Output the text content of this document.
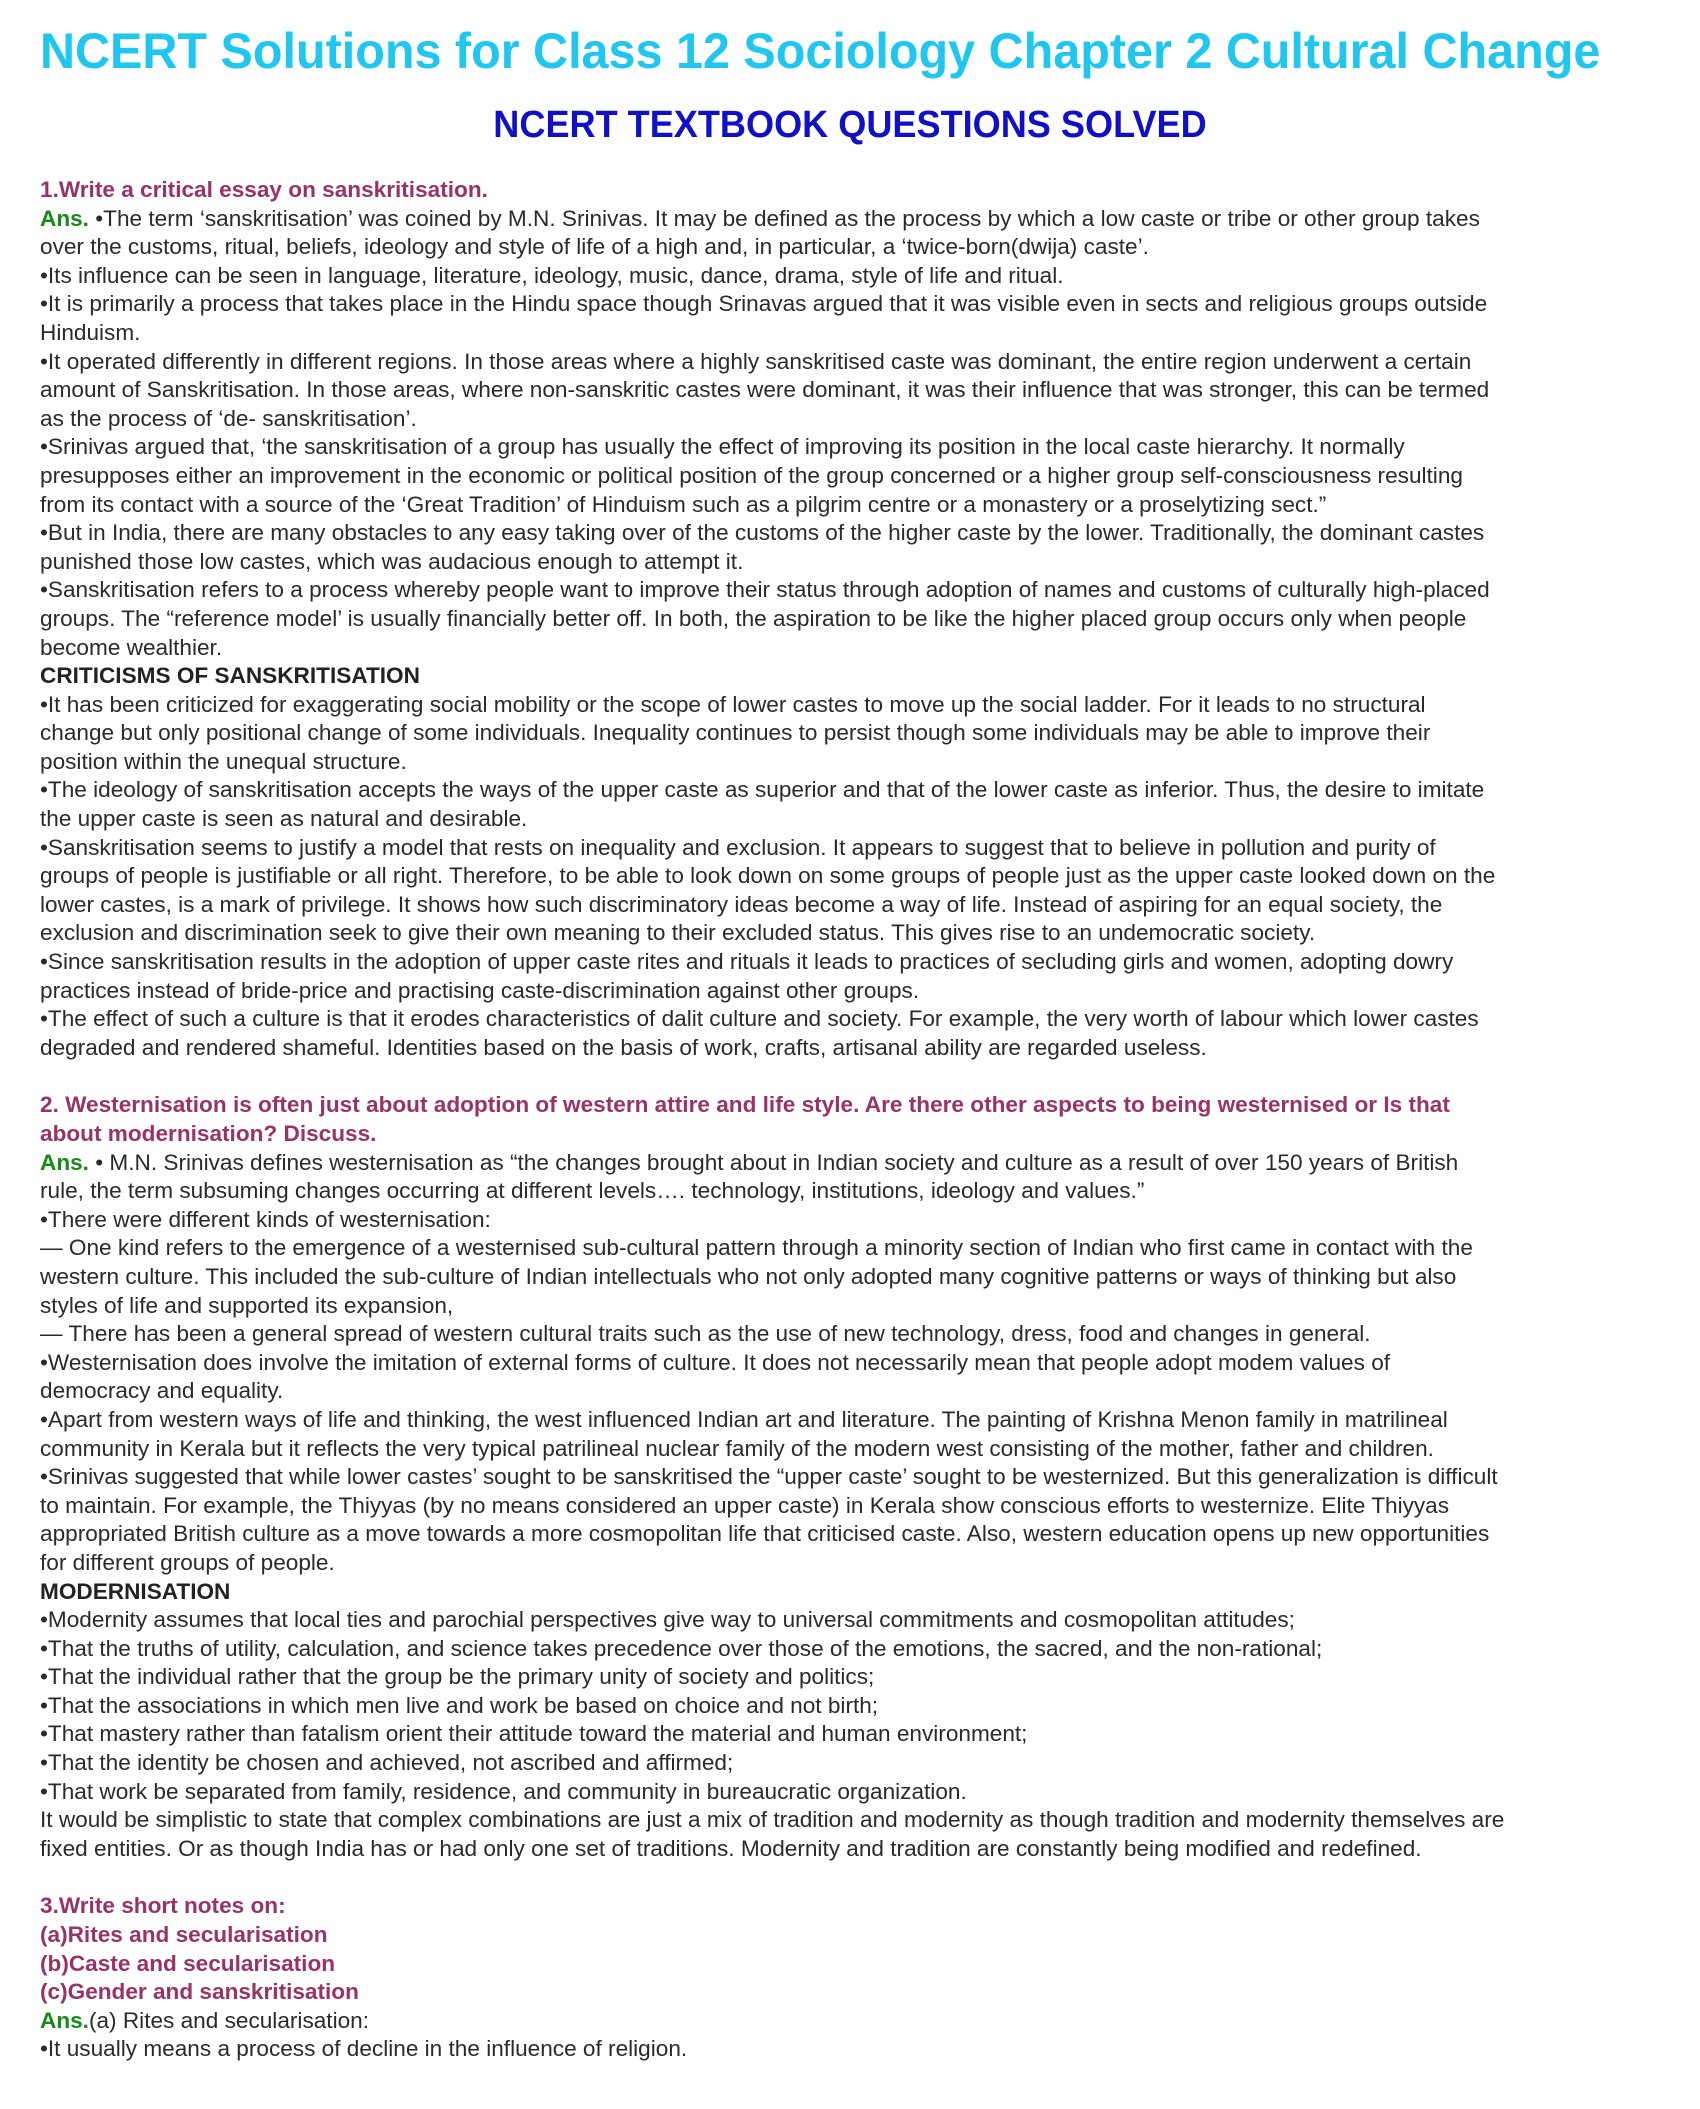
NCERT Solutions for Class 12 Sociology Chapter 2 Cultural Change
NCERT TEXTBOOK QUESTIONS SOLVED
1.Write a critical essay on sanskritisation.
Ans. •The term ‘sanskritisation’ was coined by M.N. Srinivas. It may be defined as the process by which a low caste or tribe or other group takes
over the customs, ritual, beliefs, ideology and style of life of a high and, in particular, a ‘twice-born(dwija) caste’.
•Its influence can be seen in language, literature, ideology, music, dance, drama, style of life and ritual.
•It is primarily a process that takes place in the Hindu space though Srinavas argued that it was visible even in sects and religious groups outside
Hinduism.
•It operated differently in different regions. In those areas where a highly sanskritised caste was dominant, the entire region underwent a certain
amount of Sanskritisation. In those areas, where non-sanskritic castes were dominant, it was their influence that was stronger, this can be termed
as the process of ‘de- sanskritisation’.
•Srinivas argued that, ‘the sanskritisation of a group has usually the effect of improving its position in the local caste hierarchy. It normally
presupposes either an improvement in the economic or political position of the group concerned or a higher group self-consciousness resulting
from its contact with a source of the ‘Great Tradition’ of Hinduism such as a pilgrim centre or a monastery or a proselytizing sect.”
•But in India, there are many obstacles to any easy taking over of the customs of the higher caste by the lower. Traditionally, the dominant castes
punished those low castes, which was audacious enough to attempt it.
•Sanskritisation refers to a process whereby people want to improve their status through adoption of names and customs of culturally high-placed
groups. The “reference model’ is usually financially better off. In both, the aspiration to be like the higher placed group occurs only when people
become wealthier.
CRITICISMS OF SANSKRITISATION
•It has been criticized for exaggerating social mobility or the scope of lower castes to move up the social ladder. For it leads to no structural
change but only positional change of some individuals. Inequality continues to persist though some individuals may be able to improve their
position within the unequal structure.
•The ideology of sanskritisation accepts the ways of the upper caste as superior and that of the lower caste as inferior. Thus, the desire to imitate
the upper caste is seen as natural and desirable.
•Sanskritisation seems to justify a model that rests on inequality and exclusion. It appears to suggest that to believe in pollution and purity of
groups of people is justifiable or all right. Therefore, to be able to look down on some groups of people just as the upper caste looked down on the
lower castes, is a mark of privilege. It shows how such discriminatory ideas become a way of life. Instead of aspiring for an equal society, the
exclusion and discrimination seek to give their own meaning to their excluded status. This gives rise to an undemocratic society.
•Since sanskritisation results in the adoption of upper caste rites and rituals it leads to practices of secluding girls and women, adopting dowry
practices instead of bride-price and practising caste-discrimination against other groups.
•The effect of such a culture is that it erodes characteristics of dalit culture and society. For example, the very worth of labour which lower castes
degraded and rendered shameful. Identities based on the basis of work, crafts, artisanal ability are regarded useless.
2. Westernisation is often just about adoption of western attire and life style. Are there other aspects to being westernised or Is that
about modernisation? Discuss.
Ans. • M.N. Srinivas defines westernisation as “the changes brought about in Indian society and culture as a result of over 150 years of British
rule, the term subsuming changes occurring at different levels…. technology, institutions, ideology and values.”
•There were different kinds of westernisation:
— One kind refers to the emergence of a westernised sub-cultural pattern through a minority section of Indian who first came in contact with the
western culture. This included the sub-culture of Indian intellectuals who not only adopted many cognitive patterns or ways of thinking but also
styles of life and supported its expansion,
— There has been a general spread of western cultural traits such as the use of new technology, dress, food and changes in general.
•Westernisation does involve the imitation of external forms of culture. It does not necessarily mean that people adopt modem values of
democracy and equality.
•Apart from western ways of life and thinking, the west influenced Indian art and literature. The painting of Krishna Menon family in matrilineal
community in Kerala but it reflects the very typical patrilineal nuclear family of the modern west consisting of the mother, father and children.
•Srinivas suggested that while lower castes’ sought to be sanskritised the “upper caste’ sought to be westernized. But this generalization is difficult
to maintain. For example, the Thiyyas (by no means considered an upper caste) in Kerala show conscious efforts to westernize. Elite Thiyyas
appropriated British culture as a move towards a more cosmopolitan life that criticised caste. Also, western education opens up new opportunities
for different groups of people.
MODERNISATION
•Modernity assumes that local ties and parochial perspectives give way to universal commitments and cosmopolitan attitudes;
•That the truths of utility, calculation, and science takes precedence over those of the emotions, the sacred, and the non-rational;
•That the individual rather that the group be the primary unity of society and politics;
•That the associations in which men live and work be based on choice and not birth;
•That mastery rather than fatalism orient their attitude toward the material and human environment;
•That the identity be chosen and achieved, not ascribed and affirmed;
•That work be separated from family, residence, and community in bureaucratic organization.
It would be simplistic to state that complex combinations are just a mix of tradition and modernity as though tradition and modernity themselves are
fixed entities. Or as though India has or had only one set of traditions. Modernity and tradition are constantly being modified and redefined.
3.Write short notes on:
(a)Rites and secularisation
(b)Caste and secularisation
(c)Gender and sanskritisation
Ans.(a) Rites and secularisation:
•It usually means a process of decline in the influence of religion.
